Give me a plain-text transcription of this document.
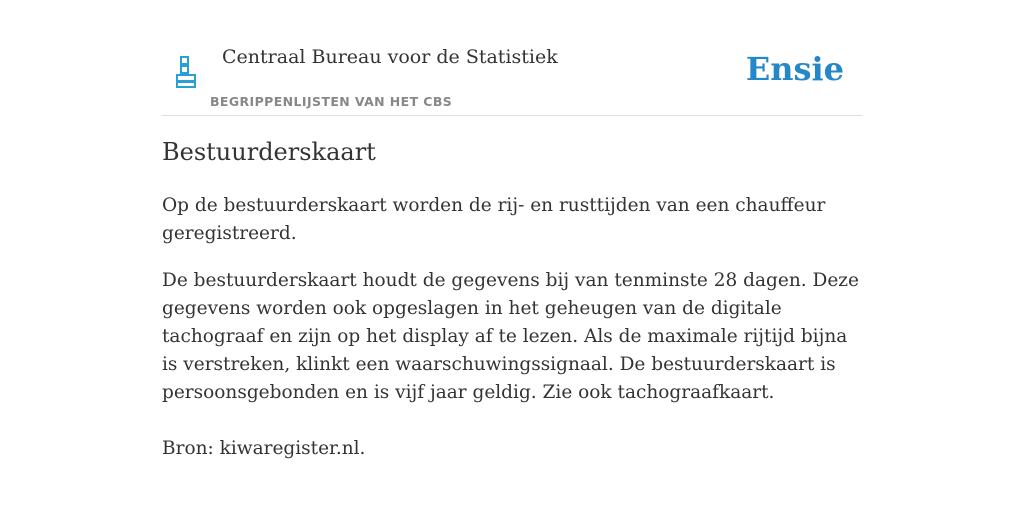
Centraal Bureau voor de Statistiek
BEGRIPPENLIJSTEN VAN HET CBS
Ensie
Bestuurderskaart

Op de bestuurderskaart worden de rij- en rusttijden van een chauffeur geregistreerd.

De bestuurderskaart houdt de gegevens bij van tenminste 28 dagen. Deze gegevens worden ook opgeslagen in het geheugen van de digitale tachograaf en zijn op het display af te lezen. Als de maximale rijtijd bijna is verstreken, klinkt een waarschuwingssignaal. De bestuurderskaart is persoonsgebonden en is vijf jaar geldig. Zie ook tachograafkaart.

Bron: kiwaregister.nl.
